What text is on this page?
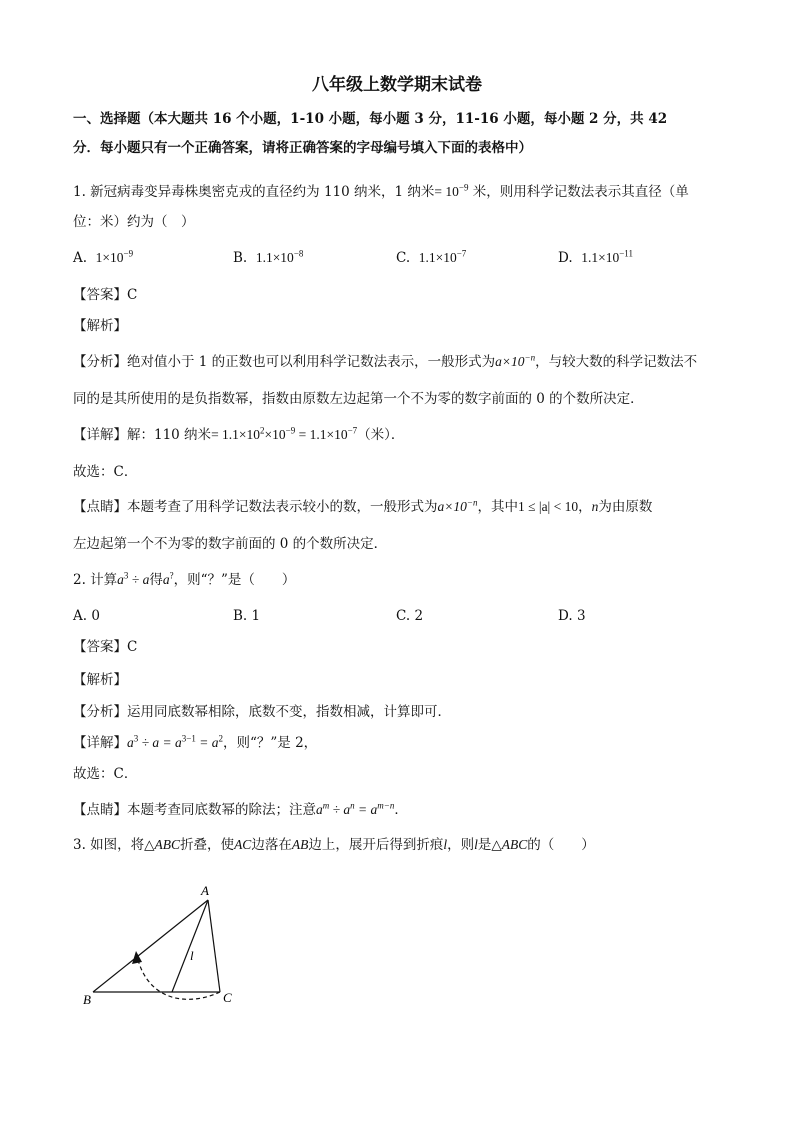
八年级上数学期末试卷
一、选择题（本大题共 16 个小题，1-10 小题，每小题 3 分，11-16 小题，每小题 2 分，共 42
分．每小题只有一个正确答案，请将正确答案的字母编号填入下面的表格中）
1. 新冠病毒变异毒株奥密克戎的直径约为 110 纳米，1 纳米= $10^{-9}$ 米，则用科学记数法表示其直径（单
位：米）约为（　）
A. $1\times 10^{-9}$	B. $1.1\times 10^{-8}$	C. $1.1\times 10^{-7}$	D. $1.1\times 10^{-11}$
【答案】C
【解析】
【分析】绝对值小于 1 的正数也可以利用科学记数法表示，一般形式为$a\times 10^{-n}$，与较大数的科学记数法不
同的是其所使用的是负指数幂，指数由原数左边起第一个不为零的数字前面的 0 的个数所决定．
【详解】解：110 纳米= $1.1\times 10^2\times 10^{-9} = 1.1\times 10^{-7}$（米）．
故选：C．
【点睛】本题考查了用科学记数法表示较小的数，一般形式为$a\times 10^{-n}$，其中1 ≤ |a| < 10，n为由原数
左边起第一个不为零的数字前面的 0 的个数所决定．
2. 计算$a^3 \div a$得a?，则“？”是（　　）
A. 0	B. 1	C. 2	D. 3
【答案】C
【解析】
【分析】运用同底数幂相除，底数不变，指数相减，计算即可．
【详解】$a^3 \div a = a^{3-1} = a^2$，则“？”是 2，
故选：C．
【点睛】本题考查同底数幂的除法；注意$a^m \div a^n = a^{m-n}$．
3. 如图，将△ABC折叠，使AC边落在AB边上，展开后得到折痕l，则l是△ABC的（　　）
A
B	C
l
